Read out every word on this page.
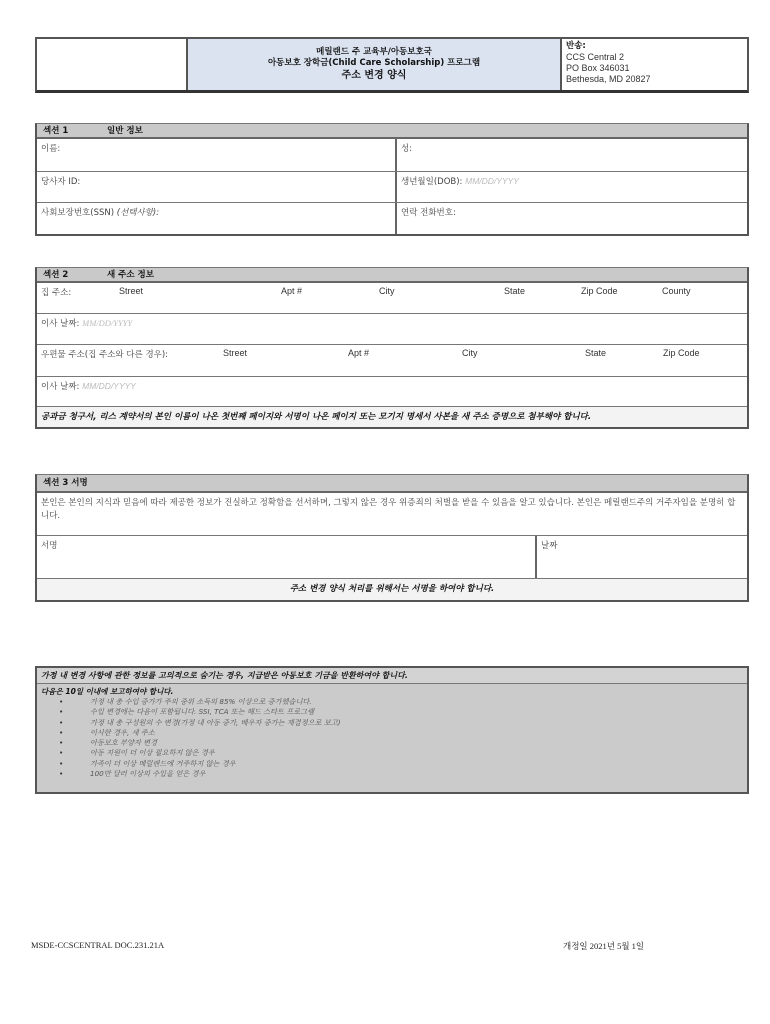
메릴랜드 주 교육부/아동보호국
아동보호 장학금(Child Care Scholarship) 프로그램
주소 변경 양식
반송:
CCS Central 2
PO Box 346031
Bethesda, MD 20827
섹션 1	일반 정보
이름:	성:
당사자 ID:	생년월일(DOB): MM/DD/YYYY
사회보장번호(SSN) (선택사항):	연락 전화번호:
섹션 2	새 주소 정보
집 주소:	Street	Apt #	City	State	Zip Code	County
이사 날짜: MM/DD/YYYY
우편물 주소(집 주소와 다른 경우):	Street	Apt #	City	State	Zip Code
이사 날짜: MM/DD/YYYY
공과금 청구서, 리스 계약서의 본인 이름이 나온 첫번째 페이지와 서명이 나온 페이지 또는 모기지 명세서 사본을 새 주소 증명으로 첨부해야 합니다.
섹션 3 서명
본인은 본인의 지식과 믿음에 따라 제공한 정보가 진실하고 정확함을 선서하며, 그렇지 않은 경우 위증죄의 처벌을 받을 수 있음을 알고 있습니다. 본인은 메릴랜드주의 거주자임을 분명히 합니다.
서명	날짜
주소 변경 양식 처리를 위해서는 서명을 하여야 합니다.
가정 내 변경 사항에 관한 정보를 고의적으로 숨기는 경우, 지급받은 아동보호 기금을 반환하여야 합니다.
다음은 10일 이내에 보고하여야 합니다.
•	가정 내 총 수입 증가가 주의 중위 소득의 85% 이상으로 증가했습니다.
•	수입 변경에는 다음이 포함됩니다. SSI, TCA 또는 헤드 스타트 프로그램
•	가정 내 총 구성원의 수 변경(가정 내 아동 증가, 배우자 증가는 재결정으로 보고)
•	이사한 경우, 새 주소
•	아동보호 부양자 변경
•	아동 지원이 더 이상 필요하지 않은 경우
•	가족이 더 이상 메릴랜드에 거주하지 않는 경우
•	100만 달러 이상의 수입을 얻은 경우
MSDE-CCSCENTRAL DOC.231.21A	개정일 2021년 5월 1일
